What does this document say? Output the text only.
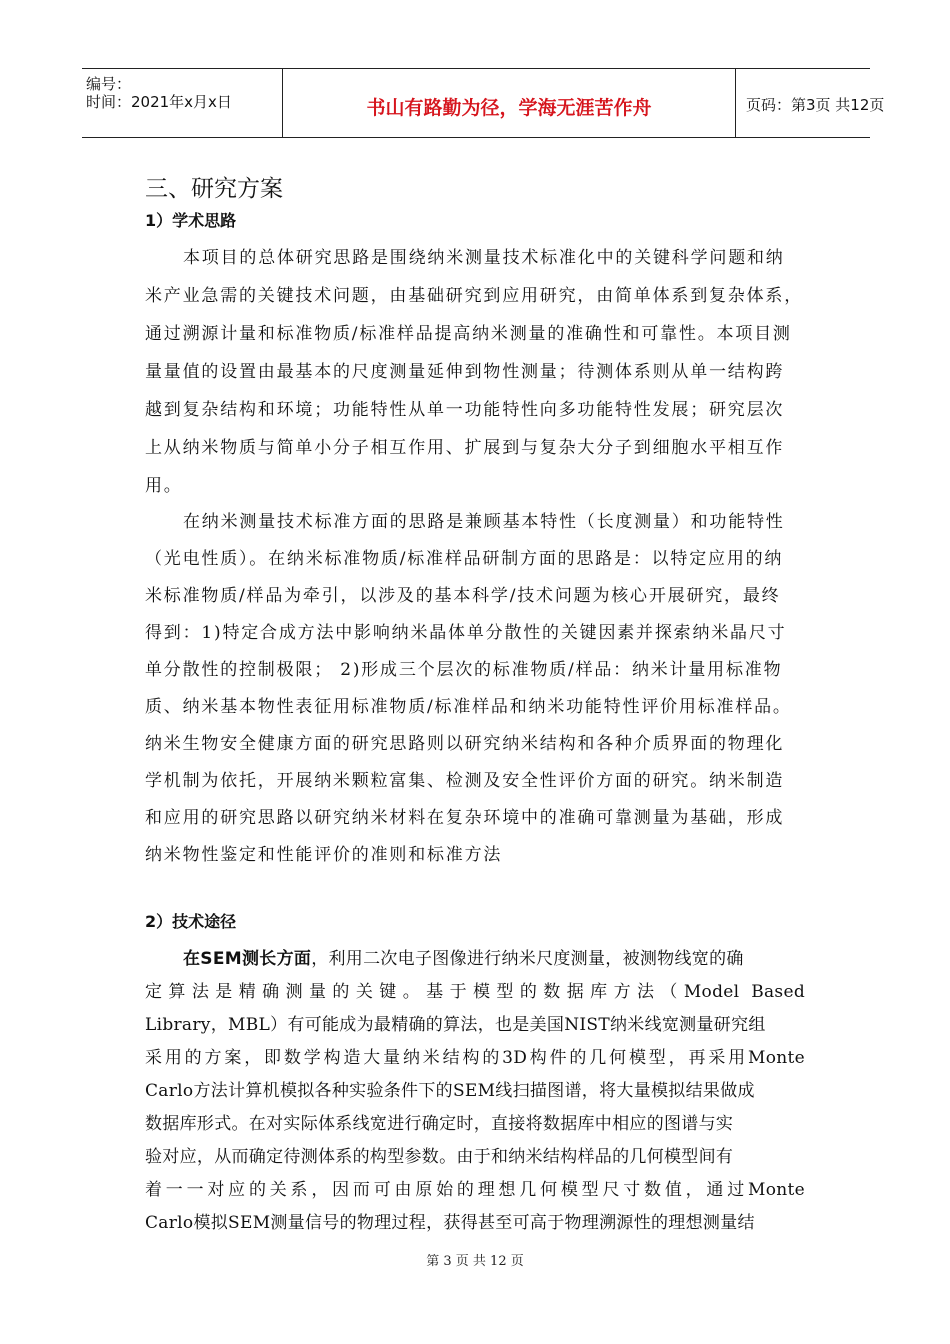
编号：
时间：2021年x月x日	书山有路勤为径，学海无涯苦作舟	页码：第3页 共12页
三、研究方案
1）学术思路
本项目的总体研究思路是围绕纳米测量技术标准化中的关键科学问题和纳
米产业急需的关键技术问题，由基础研究到应用研究，由简单体系到复杂体系，
通过溯源计量和标准物质/标准样品提高纳米测量的准确性和可靠性。本项目测
量量值的设置由最基本的尺度测量延伸到物性测量；待测体系则从单一结构跨
越到复杂结构和环境；功能特性从单一功能特性向多功能特性发展；研究层次
上从纳米物质与简单小分子相互作用、扩展到与复杂大分子到细胞水平相互作
用。
在纳米测量技术标准方面的思路是兼顾基本特性（长度测量）和功能特性
（光电性质）。在纳米标准物质/标准样品研制方面的思路是：以特定应用的纳
米标准物质/样品为牵引，以涉及的基本科学/技术问题为核心开展研究，最终
得到：1)特定合成方法中影响纳米晶体单分散性的关键因素并探索纳米晶尺寸
单分散性的控制极限； 2)形成三个层次的标准物质/样品：纳米计量用标准物
质、纳米基本物性表征用标准物质/标准样品和纳米功能特性评价用标准样品。
纳米生物安全健康方面的研究思路则以研究纳米结构和各种介质界面的物理化
学机制为依托，开展纳米颗粒富集、检测及安全性评价方面的研究。纳米制造
和应用的研究思路以研究纳米材料在复杂环境中的准确可靠测量为基础，形成
纳米物性鉴定和性能评价的准则和标准方法
2）技术途径
在SEM测长方面，利用二次电子图像进行纳米尺度测量，被测物线宽的确
定算法是精确测量的关键。基于模型的数据库方法（Model Based
Library，MBL）有可能成为最精确的算法，也是美国NIST纳米线宽测量研究组
采用的方案，即数学构造大量纳米结构的3D构件的几何模型，再采用Monte
Carlo方法计算机模拟各种实验条件下的SEM线扫描图谱，将大量模拟结果做成
数据库形式。在对实际体系线宽进行确定时，直接将数据库中相应的图谱与实
验对应，从而确定待测体系的构型参数。由于和纳米结构样品的几何模型间有
着一一对应的关系，因而可由原始的理想几何模型尺寸数值，通过Monte
Carlo模拟SEM测量信号的物理过程，获得甚至可高于物理溯源性的理想测量结
第 3 页 共 12 页
